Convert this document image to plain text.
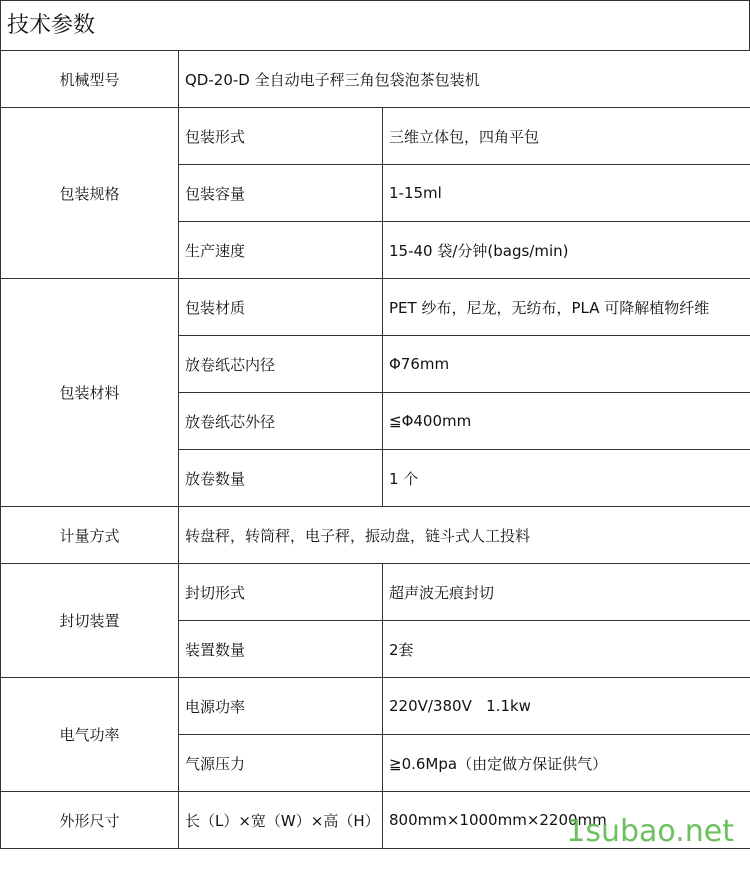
技术参数
机械型号	QD-20-D 全自动电子秤三角包袋泡茶包装机	
包装规格	包装形式	三维立体包，四角平包
	包装容量	1-15ml
	生产速度	15-40 袋/分钟(bags/min)
包装材料	包装材质	PET 纱布，尼龙，无纺布，PLA 可降解植物纤维
	放卷纸芯内径	Φ76mm
	放卷纸芯外径	≦Φ400mm
	放卷数量	1 个
计量方式	转盘秤，转筒秤，电子秤，振动盘，链斗式人工投料	
封切装置	封切形式	超声波无痕封切
	装置数量	2套
电气功率	电源功率	220V/380V   1.1kw
	气源压力	≧0.6Mpa（由定做方保证供气）
外形尺寸	长（L）×宽（W）×高（H）	800mm×1000mm×2200mm
1subao.net
